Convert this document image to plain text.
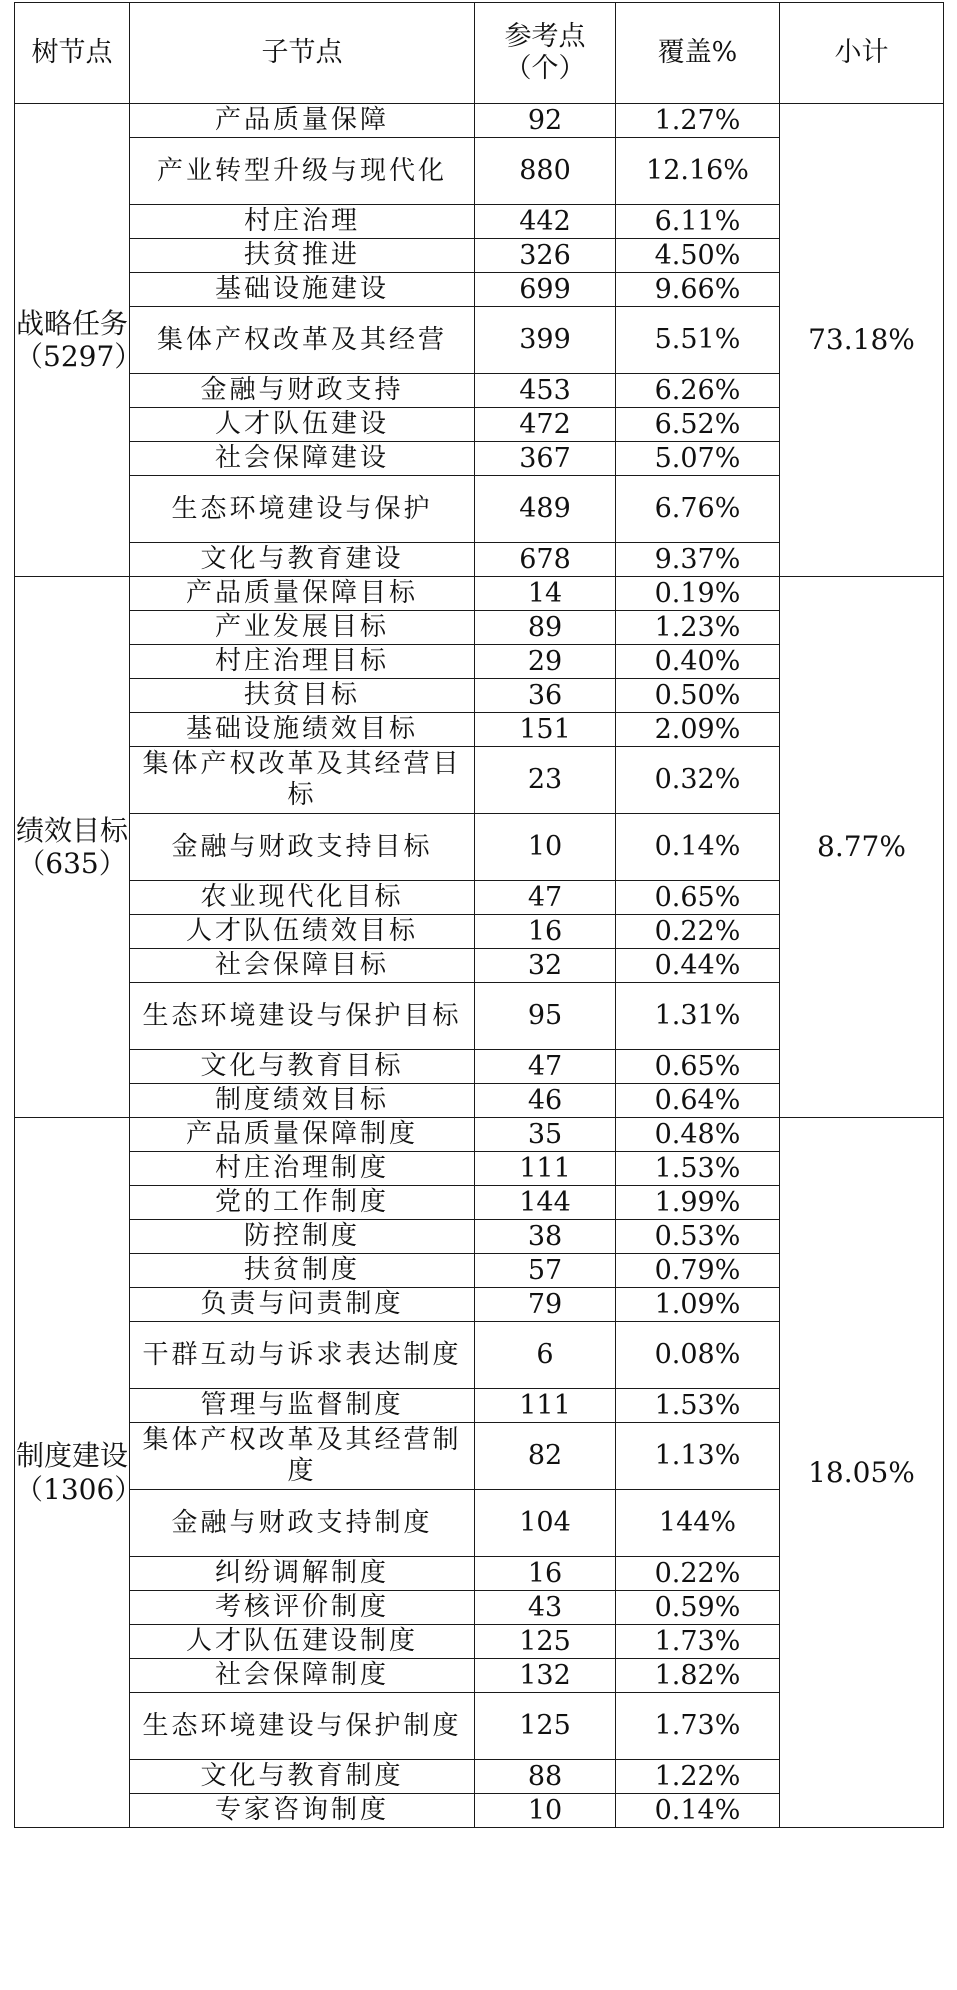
树节点	子节点	参考点（个）	覆盖%	小计

战略任务
（5297）	产品质量保障	92	1.27%	73.18%
	产业转型升级与现代化	880	12.16%	
	村庄治理	442	6.11%	
	扶贫推进	326	4.50%	
	基础设施建设	699	9.66%	
	集体产权改革及其经营	399	5.51%	
	金融与财政支持	453	6.26%	
	人才队伍建设	472	6.52%	
	社会保障建设	367	5.07%	
	生态环境建设与保护	489	6.76%	
	文化与教育建设	678	9.37%	

绩效目标
（635）	产品质量保障目标	14	0.19%	8.77%
	产业发展目标	89	1.23%	
	村庄治理目标	29	0.40%	
	扶贫目标	36	0.50%	
	基础设施绩效目标	151	2.09%	
	集体产权改革及其经营目标	23	0.32%	
	金融与财政支持目标	10	0.14%	
	农业现代化目标	47	0.65%	
	人才队伍绩效目标	16	0.22%	
	社会保障目标	32	0.44%	
	生态环境建设与保护目标	95	1.31%	
	文化与教育目标	47	0.65%	
	制度绩效目标	46	0.64%	

制度建设
（1306）	产品质量保障制度	35	0.48%	18.05%
	村庄治理制度	111	1.53%	
	党的工作制度	144	1.99%	
	防控制度	38	0.53%	
	扶贫制度	57	0.79%	
	负责与问责制度	79	1.09%	
	干群互动与诉求表达制度	6	0.08%	
	管理与监督制度	111	1.53%	
	集体产权改革及其经营制度	82	1.13%	
	金融与财政支持制度	104	144%	
	纠纷调解制度	16	0.22%	
	考核评价制度	43	0.59%	
	人才队伍建设制度	125	1.73%	
	社会保障制度	132	1.82%	
	生态环境建设与保护制度	125	1.73%	
	文化与教育制度	88	1.22%	
	专家咨询制度	10	0.14%	
